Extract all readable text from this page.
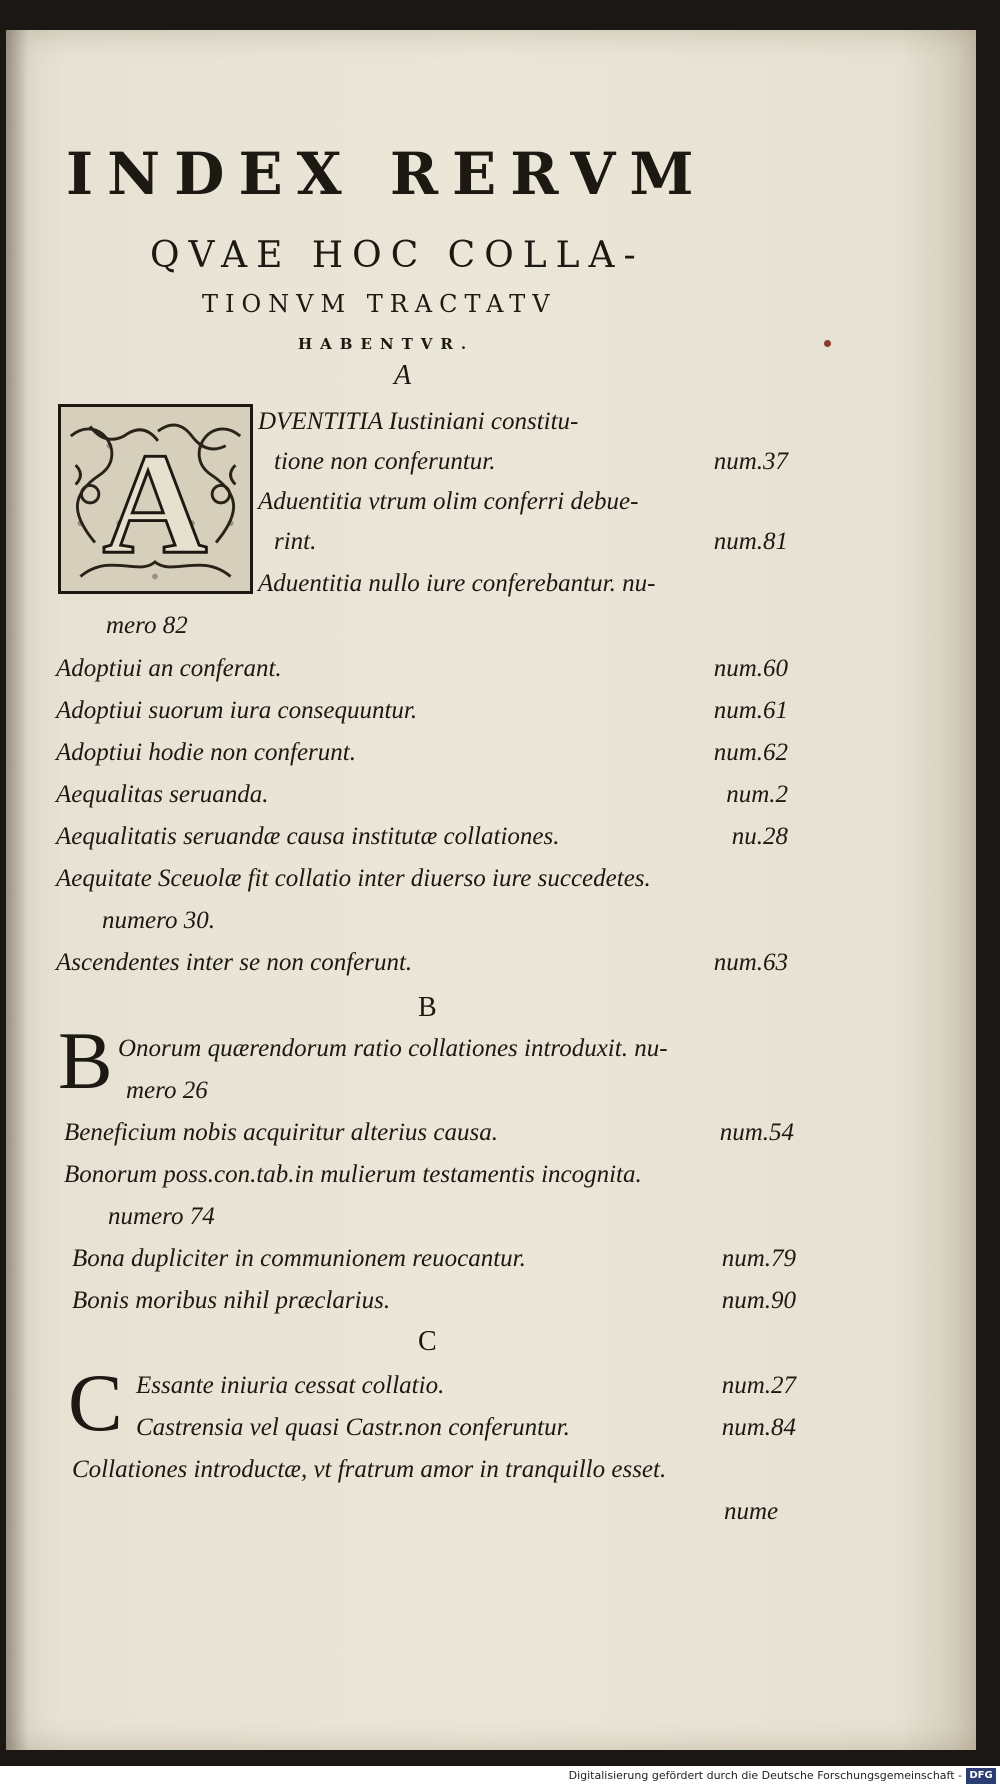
INDEX RERVM
QVAE HOC COLLA-
TIONVM TRACTATV
HABENTVR.
A
A
DVENTITIA Iustiniani constitu-
tione non conferuntur.	num.37
Aduentitia vtrum olim conferri debue-
rint.	num.81
Aduentitia nullo iure conferebantur. nu-
mero 82
Adoptiui an conferant.	num.60
Adoptiui suorum iura consequuntur.	num.61
Adoptiui hodie non conferunt.	num.62
Aequalitas seruanda.	num.2
Aequalitatis seruandæ causa institutæ collationes.	nu.28
Aequitate Sceuolæ fit collatio inter diuerso iure succedetes.
numero 30.
Ascendentes inter se non conferunt.	num.63
B
B Onorum quærendorum ratio collationes introduxit. nu-
mero 26
Beneficium nobis acquiritur alterius causa.	num.54
Bonorum poss.con.tab.in mulierum testamentis incognita.
numero 74
Bona dupliciter in communionem reuocantur.	num.79
Bonis moribus nihil præclarius.	num.90
C
C Essante iniuria cessat collatio.	num.27
Castrensia vel quasi Castr.non conferuntur.	num.84
Collationes introductæ, vt fratrum amor in tranquillo esset.
nume
Digitalisierung gefördert durch die Deutsche Forschungsgemeinschaft - DFG
